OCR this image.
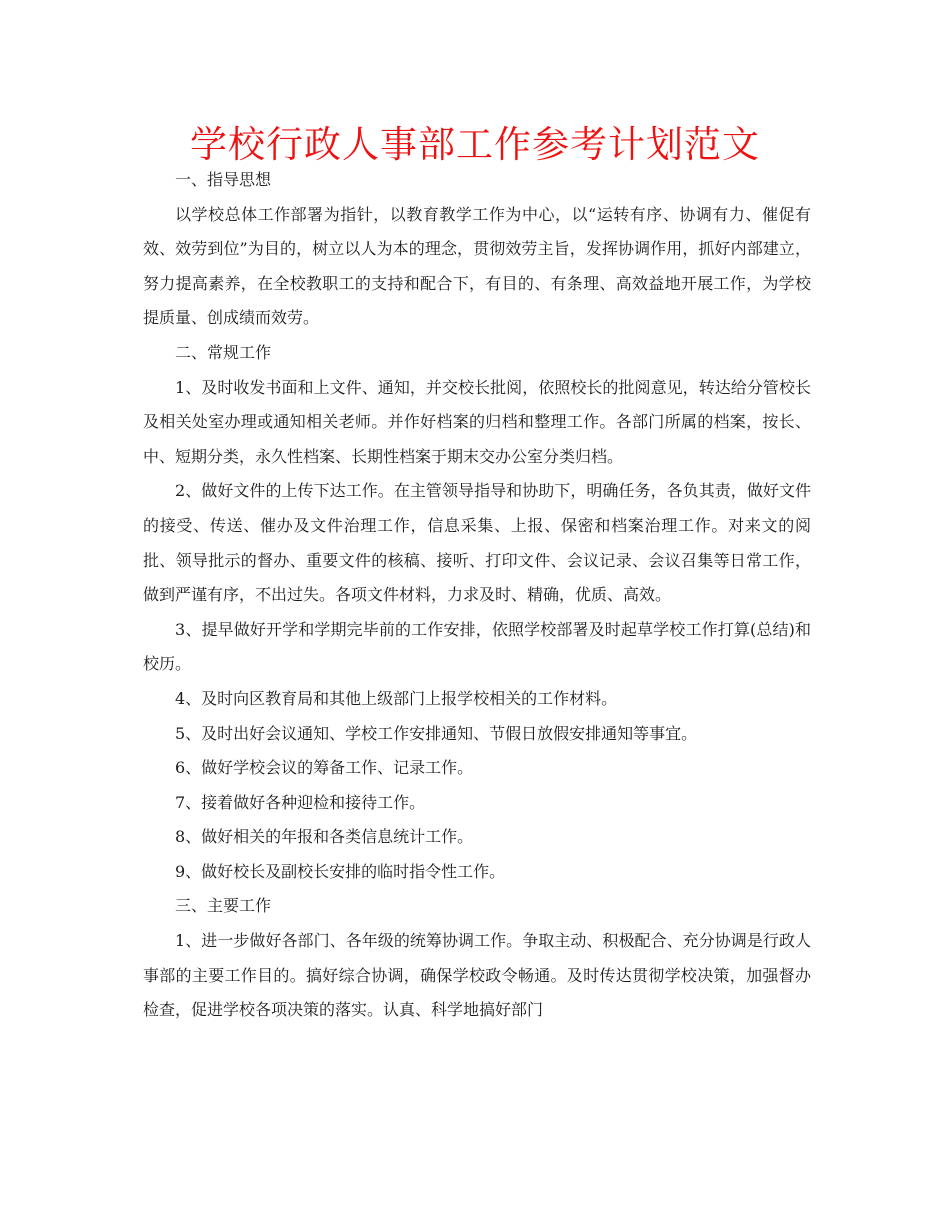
学校行政人事部工作参考计划范文

一、指导思想

以学校总体工作部署为指针，以教育教学工作为中心，以“运转有序、协调有力、催促有效、效劳到位”为目的，树立以人为本的理念，贯彻效劳主旨，发挥协调作用，抓好内部建立，努力提高素养，在全校教职工的支持和配合下，有目的、有条理、高效益地开展工作，为学校提质量、创成绩而效劳。

二、常规工作

1、及时收发书面和上文件、通知，并交校长批阅，依照校长的批阅意见，转达给分管校长及相关处室办理或通知相关老师。并作好档案的归档和整理工作。各部门所属的档案，按长、中、短期分类，永久性档案、长期性档案于期末交办公室分类归档。

2、做好文件的上传下达工作。在主管领导指导和协助下，明确任务，各负其责，做好文件的接受、传送、催办及文件治理工作，信息采集、上报、保密和档案治理工作。对来文的阅批、领导批示的督办、重要文件的核稿、接听、打印文件、会议记录、会议召集等日常工作，做到严谨有序，不出过失。各项文件材料，力求及时、精确，优质、高效。

3、提早做好开学和学期完毕前的工作安排，依照学校部署及时起草学校工作打算(总结)和校历。

4、及时向区教育局和其他上级部门上报学校相关的工作材料。

5、及时出好会议通知、学校工作安排通知、节假日放假安排通知等事宜。

6、做好学校会议的筹备工作、记录工作。

7、接着做好各种迎检和接待工作。

8、做好相关的年报和各类信息统计工作。

9、做好校长及副校长安排的临时指令性工作。

三、主要工作

1、进一步做好各部门、各年级的统筹协调工作。争取主动、积极配合、充分协调是行政人事部的主要工作目的。搞好综合协调，确保学校政令畅通。及时传达贯彻学校决策，加强督办检查，促进学校各项决策的落实。认真、科学地搞好部门
